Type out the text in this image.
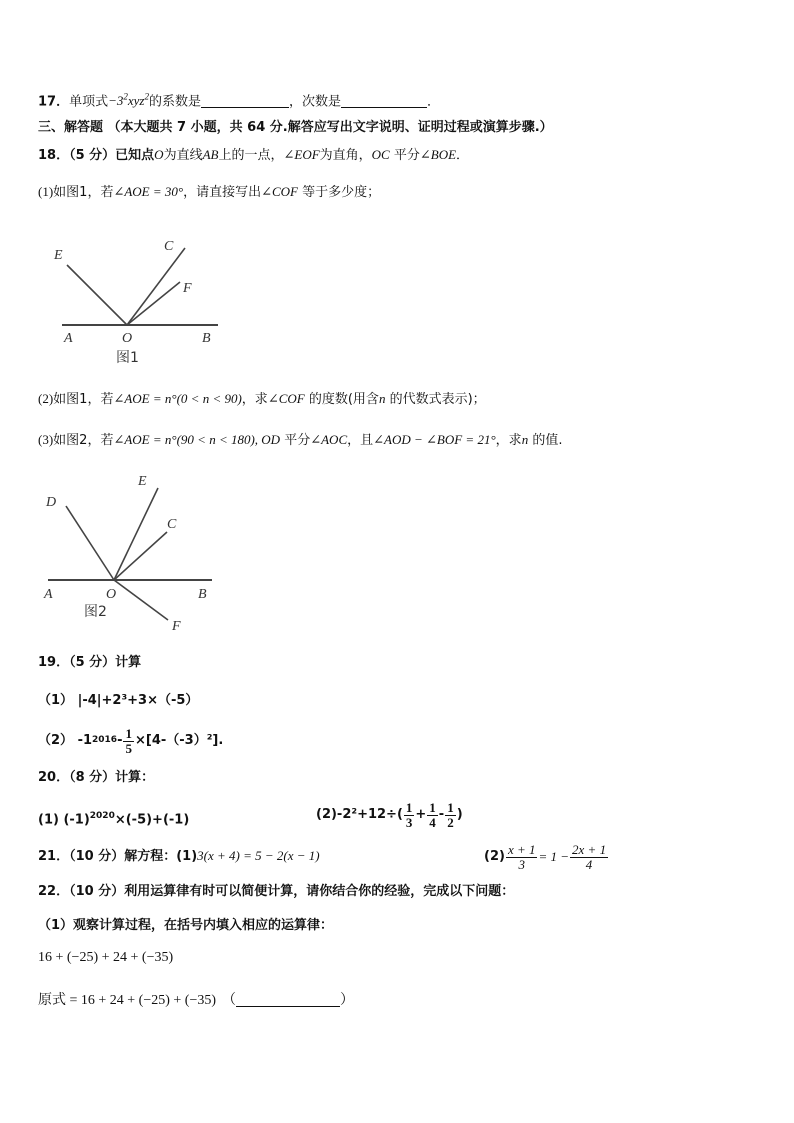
17．单项式$-3^2xyz^2$的系数是	，次数是	．
三、解答题 （本大题共 7 小题，共 64 分.解答应写出文字说明、证明过程或演算步骤.）
18．（5 分）已知点O为直线AB上的一点，∠EOF为直角，OC 平分∠BOE．
(1)如图1，若∠AOE = 30°，请直接写出∠COF 等于多少度；
E
C
F
A	O	B
图1
(2)如图1，若∠AOE = n°(0 < n < 90)，求∠COF 的度数(用含n 的代数式表示)；
(3)如图2，若∠AOE = n°(90 < n < 180), OD 平分∠AOC，且∠AOD − ∠BOF = 21°，求n 的值.
D
E
C
A	O	B
F
图2
19．（5 分）计算
（1） |-4|+2³+3×（-5）
（2） -1 $2016 - \frac{1}{5} \times[4-(-3)^2]$.
20．（8 分）计算：
(1) $(-1)^{2020}\times(-5)+(-1)$	$(2)-2^2+12\div( \frac{1}{3} + \frac{1}{4} - \frac{1}{2}$ )
21．（10 分）解方程：(1)3(x + 4) = 5 − 2(x − 1)	$(2) \frac{x + 1}{3} = 1 - \frac{2x + 1}{4}$
22．（10 分）利用运算律有时可以简便计算，请你结合你的经验，完成以下问题：
（1）观察计算过程，在括号内填入相应的运算律：
16 + (−25) + 24 + (−35)
原式 = 16 + 24 + (−25) + (−35) （	）
